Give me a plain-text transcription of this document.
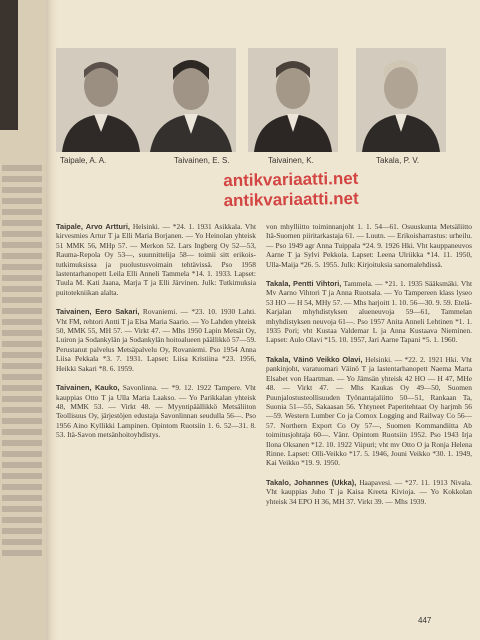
Taipale, A. A.	Taivainen, E. S.	Taivainen, K.	Takala, P. V.
antikvariaatti.net
antikvariaatti.net
Taipale, Arvo Artturi, Helsinki. — *24. 1. 1931 Asikkala. Vht kirvesmies Artur T ja Elli Maria Borjanen. — Yo Heinolan yhteisk 51 MMK 56, MHp 57. — Merkon 52. Lars Ingberg Oy 52—53, Rauma-Repola Oy 53—, suunnittelija 58— toimii sitt erikois- tutkimuksissa ja puolustusvoimain tehtävissä. Pso 1958 lastentarhanopett Leila Elli Anneli Tammela *14. 1. 1933. Lapset: Tuula M. Kati Jaana, Marja T ja Elli Järvinen. Julk: Tutkimuksia puitotekniikan alalta.
Taivainen, Eero Sakari, Rovaniemi. — *23. 10. 1930 Lahti. Vht FM, rehtori Antti T ja Elsa Maria Saario. — Yo Lahden yhteisk 50, MMK 55, MH 57. — Virkt 47. — Mhs 1950 Lapin Metsät Oy, Luiron ja Sodankylän ja Sodankylän hoitoalueen päällikkö 57—59. Perustanut palvelus Metsäpalvelu Oy, Rovaniemi. Pso 1954 Anna Liisa Pekkala *3. 7. 1931. Lapset: Liisa Kristiina *23. 1956, Heikki Sakari *8. 6. 1959.
Taivainen, Kauko, Savonlinna. — *9. 12. 1922 Tampere. Vht kauppias Otto T ja Ulla Maria Laakso. — Yo Parikkalan yhteisk 48, MMK 53. — Virkt 48. — Myyntipäällikkö Metsäliiton Teollisuus Oy, järjestöjen edustaja Savonlinnan seudulla 56—. Pso 1956 Aino Kyllikki Lampinen. Opintom Ruotsiin 1. 6. 52—31. 8. 53. Itä-Savon metsänhoitoyhdistys.
von mhylliitto toiminnanjoht 1. 1. 54—61. Osuuskunta Metsäliitto Itä-Suomen piiritarkastaja 61. — Luutn. — Erikoisharrastus: urheilu. — Pso 1949 agr Anna Tuippala *24. 9. 1926 Hki. Vht kauppaneuvos Aarne T ja Sylvi Pekkola. Lapset: Leena Ulriikka *14. 11. 1950, Ulla-Maija *26. 5. 1955. Julk: Kirjoituksia sanomalehdissä.
Takala, Pentti Vihtori, Tammela. — *21. 1. 1935 Sääksmäki. Vht Mv Aarno Vihtori T ja Anna Ruotsala. — Yo Tampereen klass lyseo 53 HO — H 54, MHy 57. — Mhs harjoitt 1. 10. 56—30. 9. 59. Etelä-Karjalan mhyhdistyksen alueneuvoja 59—61, Tammelan mhyhdistyksen neuvoja 61—. Pso 1957 Anita Anneli Lehtinen *1. 1. 1935 Pori; vht Kustaa Valdemar L ja Anna Kustaava Nieminen. Lapset: Aulo Olavi *15. 10. 1957, Jari Aarne Tapani *5. 1. 1960.
Takala, Väinö Veikko Olavi, Helsinki. — *22. 2. 1921 Hki. Vht pankinjoht, varatuomari Väinö T ja lastentarhanopett Naema Marta Elsabet von Haartman. — Yo Jämsän yhteisk 42 HO — H 47, MHe 48. — Virkt 47. — Mhs Kaukas Oy 49—50, Suomen Puunjalostusteollisuuden Työnantajaliitto 50—51, Rankaan Ta, Suonia 51—55, Sakaasan 56. Yhtyneet Paperitehtaat Oy harjmh 56—59. Western Lumber Co ja Comox Logging and Railway Co 56—57. Northern Export Co Oy 57—, Suomen Kommandiitta Ab toimitusjohtaja 60—. Vänr. Opintom Ruotsiin 1952. Pso 1943 Irja Ilona Oksanen *12. 10. 1922 Viipuri; vht mv Otto O ja Ronja Helena Rinne. Lapset: Olli-Veikko *17. 5. 1946, Jouni Veikko *30. 1. 1949, Kai Veikko *19. 9. 1950.
Takalo, Johannes (Ukka), Haapavesi. — *27. 11. 1913 Nivala. Vht kauppias Juho T ja Kaisa Kreeta Kivioja. — Yo Kokkolan yhteisk 34 EPO H 36, MH 37. Virkt 39. — Mhs 1939.
447
